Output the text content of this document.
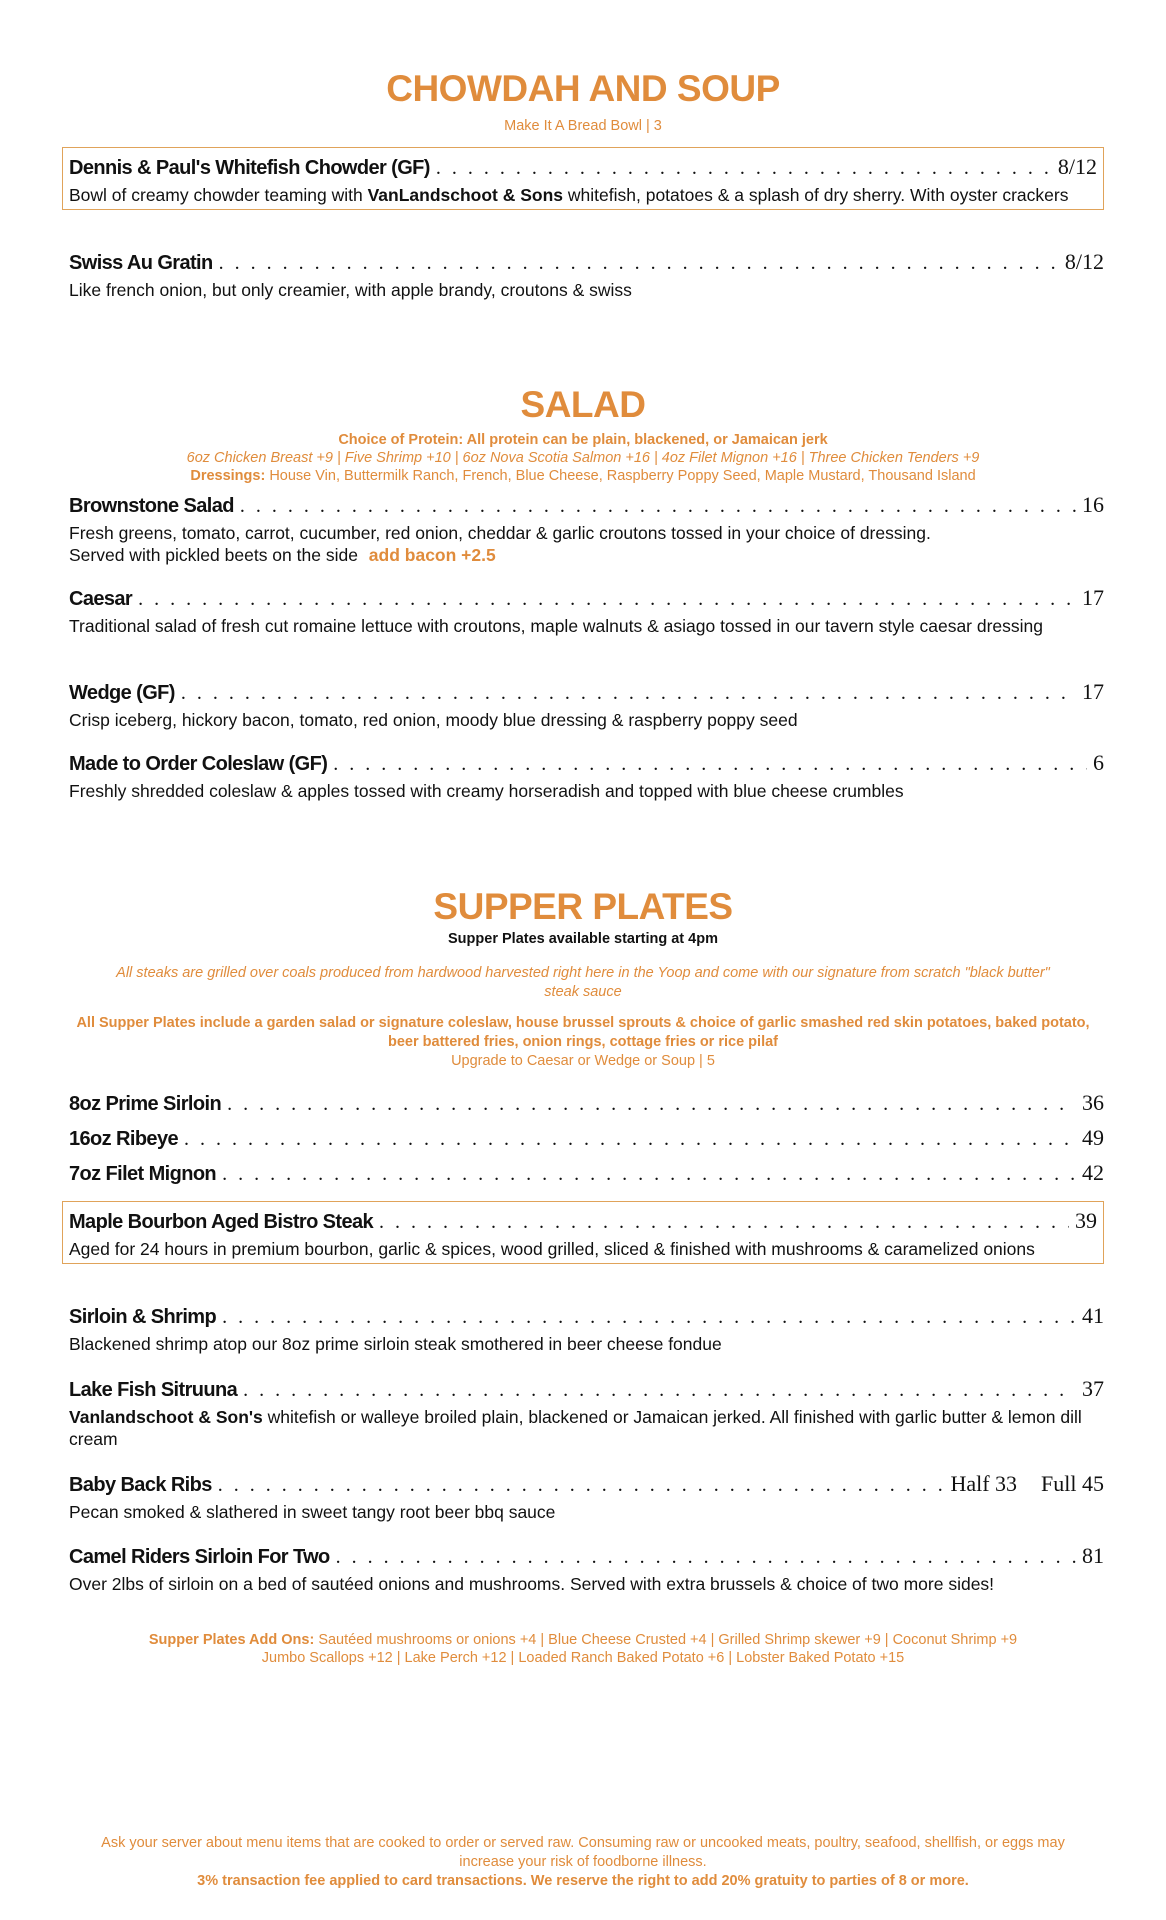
CHOWDAH AND SOUP
Make It A Bread Bowl | 3
Dennis & Paul's Whitefish Chowder (GF) . . .	8/12
Bowl of creamy chowder teaming with VanLandschoot & Sons whitefish, potatoes & a splash of dry sherry. With oyster crackers
Swiss Au Gratin . . .	8/12
Like french onion, but only creamier, with apple brandy, croutons & swiss
SALAD
Choice of Protein: All protein can be plain, blackened, or Jamaican jerk
6oz Chicken Breast +9 | Five Shrimp +10 | 6oz Nova Scotia Salmon +16 | 4oz Filet Mignon +16 | Three Chicken Tenders +9
Dressings: House Vin, Buttermilk Ranch, French, Blue Cheese, Raspberry Poppy Seed, Maple Mustard, Thousand Island
Brownstone Salad . . .	16
Fresh greens, tomato, carrot, cucumber, red onion, cheddar & garlic croutons tossed in your choice of dressing.
Served with pickled beets on the side add bacon +2.5
Caesar . . .	17
Traditional salad of fresh cut romaine lettuce with croutons, maple walnuts & asiago tossed in our tavern style caesar dressing
Wedge (GF) . . .	17
Crisp iceberg, hickory bacon, tomato, red onion, moody blue dressing & raspberry poppy seed
Made to Order Coleslaw (GF) . . .	6
Freshly shredded coleslaw & apples tossed with creamy horseradish and topped with blue cheese crumbles
SUPPER PLATES
Supper Plates available starting at 4pm
All steaks are grilled over coals produced from hardwood harvested right here in the Yoop and come with our signature from scratch "black butter" steak sauce
All Supper Plates include a garden salad or signature coleslaw, house brussel sprouts & choice of garlic smashed red skin potatoes, baked potato, beer battered fries, onion rings, cottage fries or rice pilaf
Upgrade to Caesar or Wedge or Soup | 5
8oz Prime Sirloin . . .	36
16oz Ribeye . . .	49
7oz Filet Mignon . . .	42
Maple Bourbon Aged Bistro Steak . . .	39
Aged for 24 hours in premium bourbon, garlic & spices, wood grilled, sliced & finished with mushrooms & caramelized onions
Sirloin & Shrimp . . .	41
Blackened shrimp atop our 8oz prime sirloin steak smothered in beer cheese fondue
Lake Fish Sitruuna . . .	37
Vanlandschoot & Son's whitefish or walleye broiled plain, blackened or Jamaican jerked. All finished with garlic butter & lemon dill cream
Baby Back Ribs . . .	Half 33 Full 45
Pecan smoked & slathered in sweet tangy root beer bbq sauce
Camel Riders Sirloin For Two . . .	81
Over 2lbs of sirloin on a bed of sautéed onions and mushrooms. Served with extra brussels & choice of two more sides!
Supper Plates Add Ons: Sautéed mushrooms or onions +4 | Blue Cheese Crusted +4 | Grilled Shrimp skewer +9 | Coconut Shrimp +9
Jumbo Scallops +12 | Lake Perch +12 | Loaded Ranch Baked Potato +6 | Lobster Baked Potato +15
Ask your server about menu items that are cooked to order or served raw. Consuming raw or uncooked meats, poultry, seafood, shellfish, or eggs may increase your risk of foodborne illness.
3% transaction fee applied to card transactions. We reserve the right to add 20% gratuity to parties of 8 or more.
